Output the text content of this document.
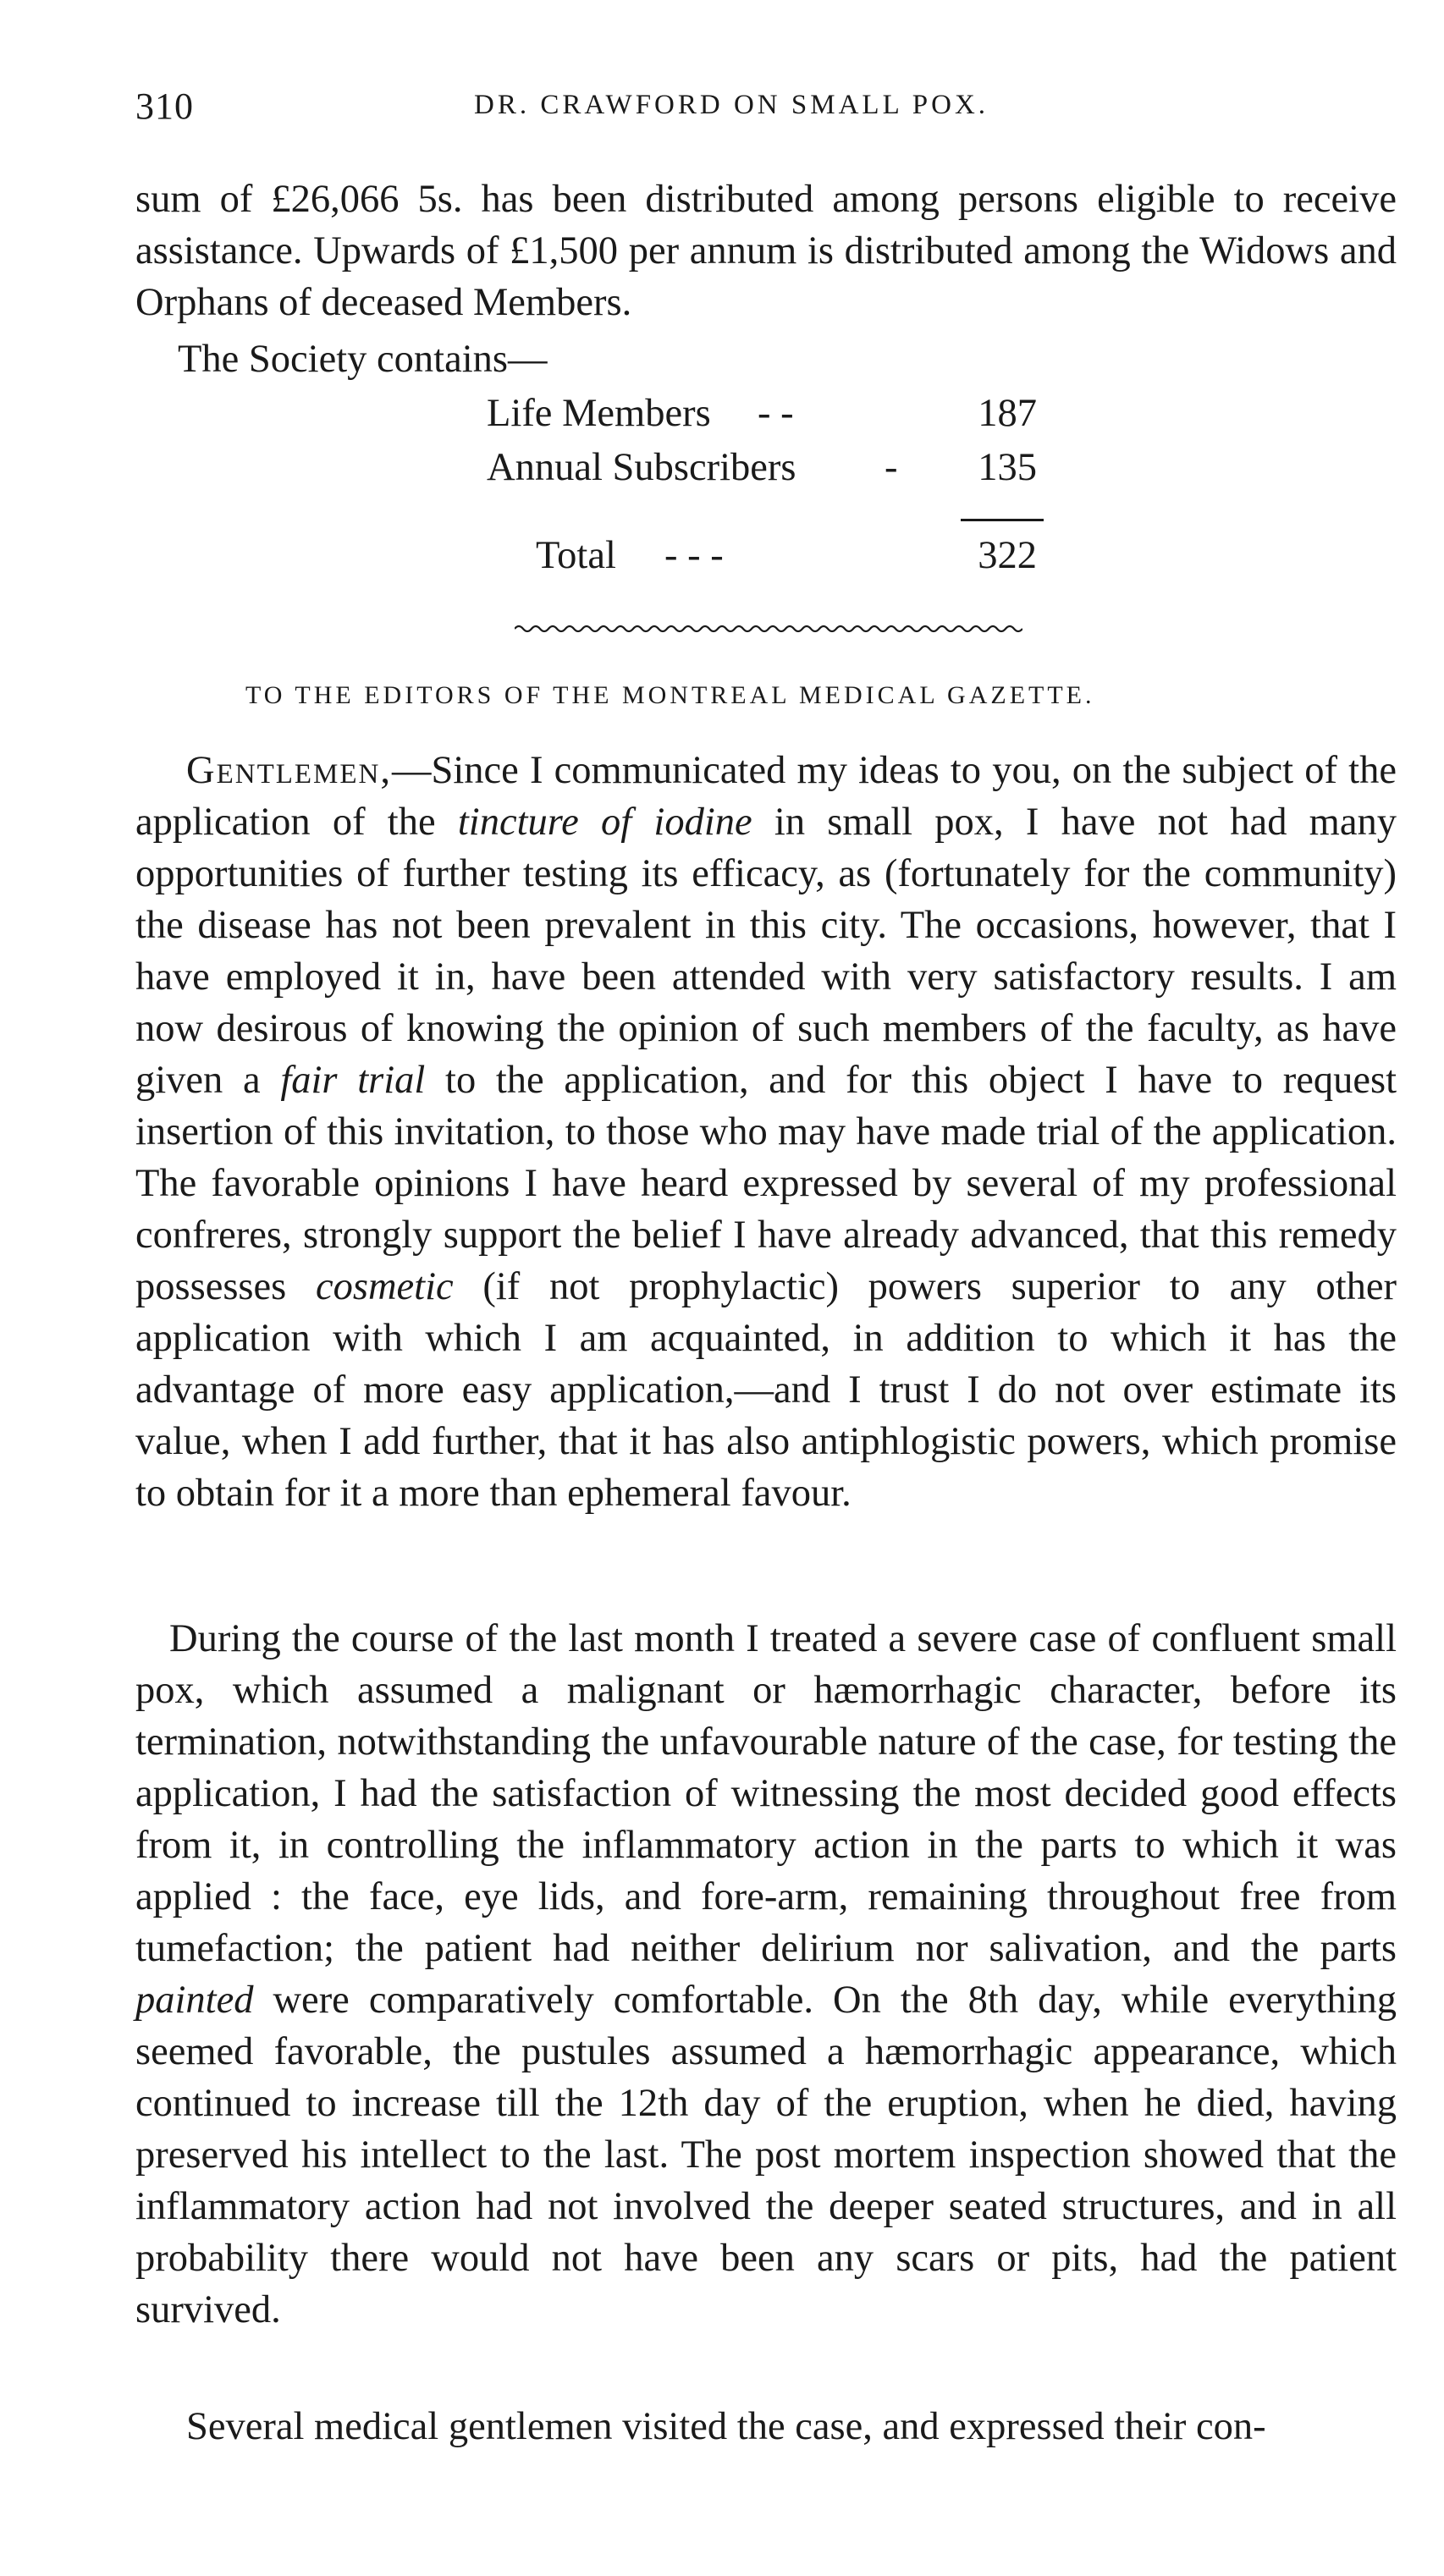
310	DR. CRAWFORD ON SMALL POX.

sum of £26,066 5s. has been distributed among persons eligible to receive assistance. Upwards of £1,500 per annum is distributed among the Widows and Orphans of deceased Members.

The Society contains—

Life Members - -	187
Annual Subscribers - 135
Total - - -	322
TO THE EDITORS OF THE MONTREAL MEDICAL GAZETTE.

Gentlemen,—Since I communicated my ideas to you, on the subject of the application of the tincture of iodine in small pox, I have not had many opportunities of further testing its efficacy, as (fortunately for the community) the disease has not been prevalent in this city. The occasions, however, that I have employed it in, have been attended with very satisfactory results. I am now desirous of knowing the opinion of such members of the faculty, as have given a fair trial to the application, and for this object I have to request insertion of this invitation, to those who may have made trial of the application. The favorable opinions I have heard expressed by several of my professional confreres, strongly support the belief I have already advanced, that this remedy possesses cosmetic (if not prophylactic) powers superior to any other application with which I am acquainted, in addition to which it has the advantage of more easy application,—and I trust I do not over estimate its value, when I add further, that it has also antiphlogistic powers, which promise to obtain for it a more than ephemeral favour.

During the course of the last month I treated a severe case of confluent small pox, which assumed a malignant or hæmorrhagic character, before its termination, notwithstanding the unfavourable nature of the case, for testing the application, I had the satisfaction of witnessing the most decided good effects from it, in controlling the inflammatory action in the parts to which it was applied : the face, eye lids, and fore-arm, remaining throughout free from tumefaction; the patient had neither delirium nor salivation, and the parts painted were comparatively comfortable. On the 8th day, while everything seemed favorable, the pustules assumed a hæmorrhagic appearance, which continued to increase till the 12th day of the eruption, when he died, having preserved his intellect to the last. The post mortem inspection showed that the inflammatory action had not involved the deeper seated structures, and in all probability there would not have been any scars or pits, had the patient survived.

Several medical gentlemen visited the case, and expressed their con-
